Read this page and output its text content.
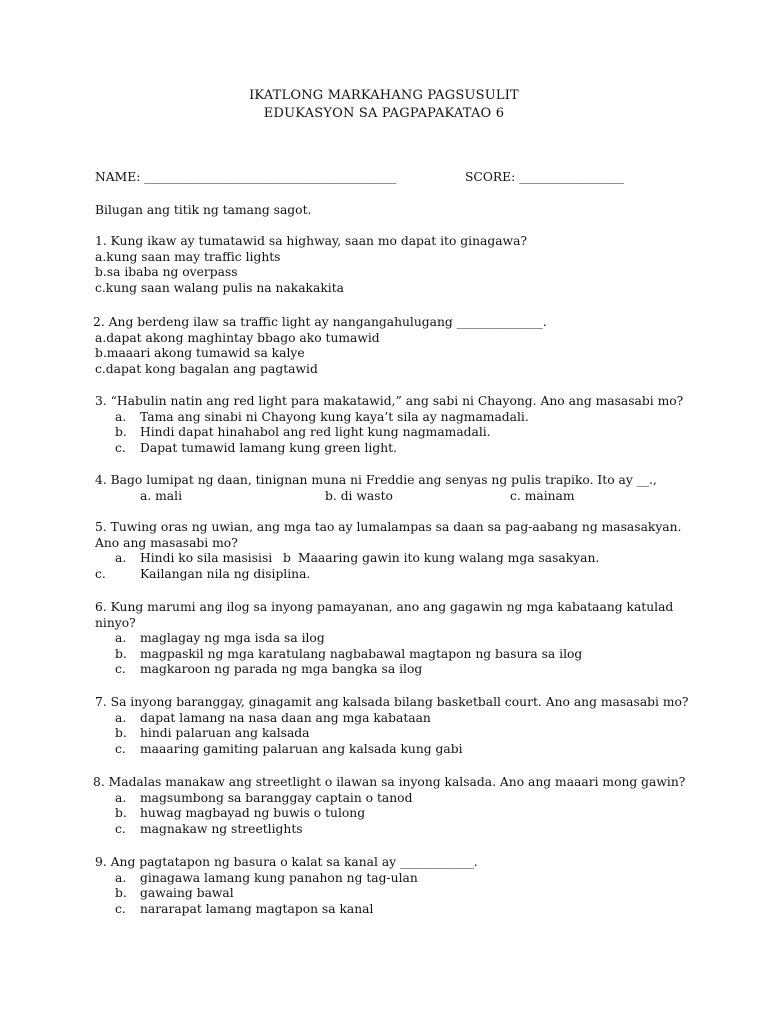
IKATLONG MARKAHANG PAGSUSULIT
EDUKASYON SA PAGPAPAKATAO 6
NAME: _________________________________________	SCORE: _________________
Bilugan ang titik ng tamang sagot.
1. Kung ikaw ay tumatawid sa highway, saan mo dapat ito ginagawa?
a.kung saan may traffic lights
b.sa ibaba ng overpass
c.kung saan walang pulis na nakakakita
2. Ang berdeng ilaw sa traffic light ay nangangahulugang ______________.
a.dapat akong maghintay bbago ako tumawid
b.maaari akong tumawid sa kalye
c.dapat kong bagalan ang pagtawid
3. “Habulin natin ang red light para makatawid,” ang sabi ni Chayong. Ano ang masasabi mo?
a.	Tama ang sinabi ni Chayong kung kaya’t sila ay nagmamadali.
b.	Hindi dapat hinahabol ang red light kung nagmamadali.
c.	Dapat tumawid lamang kung green light.
4. Bago lumipat ng daan, tinignan muna ni Freddie ang senyas ng pulis trapiko. Ito ay __.,
a. mali	b. di wasto	c. mainam
5. Tuwing oras ng uwian, ang mga tao ay lumalampas sa daan sa pag-aabang ng masasakyan.
Ano ang masasabi mo?
a.	Hindi ko sila masisisi b Maaaring gawin ito kung walang mga sasakyan.
c.	Kailangan nila ng disiplina.
6. Kung marumi ang ilog sa inyong pamayanan, ano ang gagawin ng mga kabataang katulad
ninyo?
a.	maglagay ng mga isda sa ilog
b.	magpaskil ng mga karatulang nagbabawal magtapon ng basura sa ilog
c.	magkaroon ng parada ng mga bangka sa ilog
7. Sa inyong baranggay, ginagamit ang kalsada bilang basketball court. Ano ang masasabi mo?
a.	dapat lamang na nasa daan ang mga kabataan
b.	hindi palaruan ang kalsada
c.	maaaring gamiting palaruan ang kalsada kung gabi
8. Madalas manakaw ang streetlight o ilawan sa inyong kalsada. Ano ang maaari mong gawin?
a.	magsumbong sa baranggay captain o tanod
b.	huwag magbayad ng buwis o tulong
c.	magnakaw ng streetlights
9. Ang pagtatapon ng basura o kalat sa kanal ay ____________.
a.	ginagawa lamang kung panahon ng tag-ulan
b.	gawaing bawal
c.	nararapat lamang magtapon sa kanal
